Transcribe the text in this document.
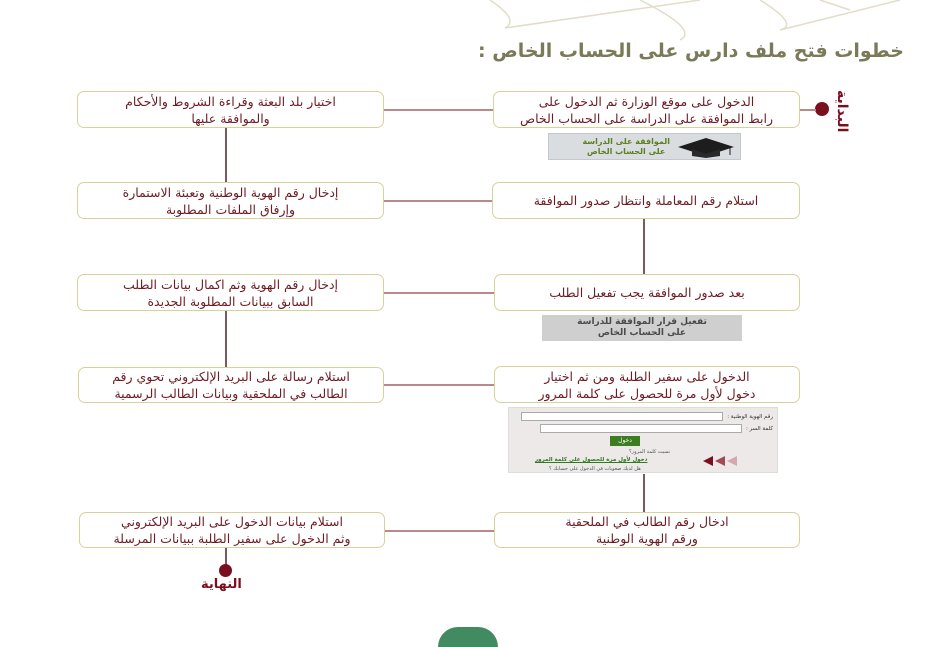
خطوات فتح ملف دارس على الحساب الخاص :
البداية
النهاية
الدخول على موقع الوزارة ثم الدخول على
رابط الموافقة على الدراسة على الحساب الخاص
استلام رقم المعاملة وانتظار صدور الموافقة
بعد صدور الموافقة يجب تفعيل الطلب
الدخول على سفير الطلبة ومن ثم اختيار
دخول لأول مرة للحصول على كلمة المرور
ادخال رقم الطالب في الملحقية
ورقم الهوية الوطنية
اختيار بلد البعثة وقراءة الشروط والأحكام
والموافقة عليها
إدخال رقم الهوية الوطنية وتعبئة الاستمارة
وإرفاق الملفات المطلوبة
إدخال رقم الهوية وثم اكمال بيانات الطلب
السابق ببيانات المطلوبة الجديدة
استلام رسالة على البريد الإلكتروني تحوي رقم
الطالب في الملحقية وبيانات الطالب الرسمية
استلام بيانات الدخول على البريد الإلكتروني
وثم الدخول على سفير الطلبة ببيانات المرسلة
الموافقة على الدراسة
على الحساب الخاص
تفعيل قرار الموافقة للدراسة
على الحساب الخاص
رقم الهوية الوطنية :
كلمة السر :
دخول
نسيت كلمة المرور؟
دخول لأول مرة للحصول على كلمة المرور
هل لديك صعوبات في الدخول على حسابك ؟
